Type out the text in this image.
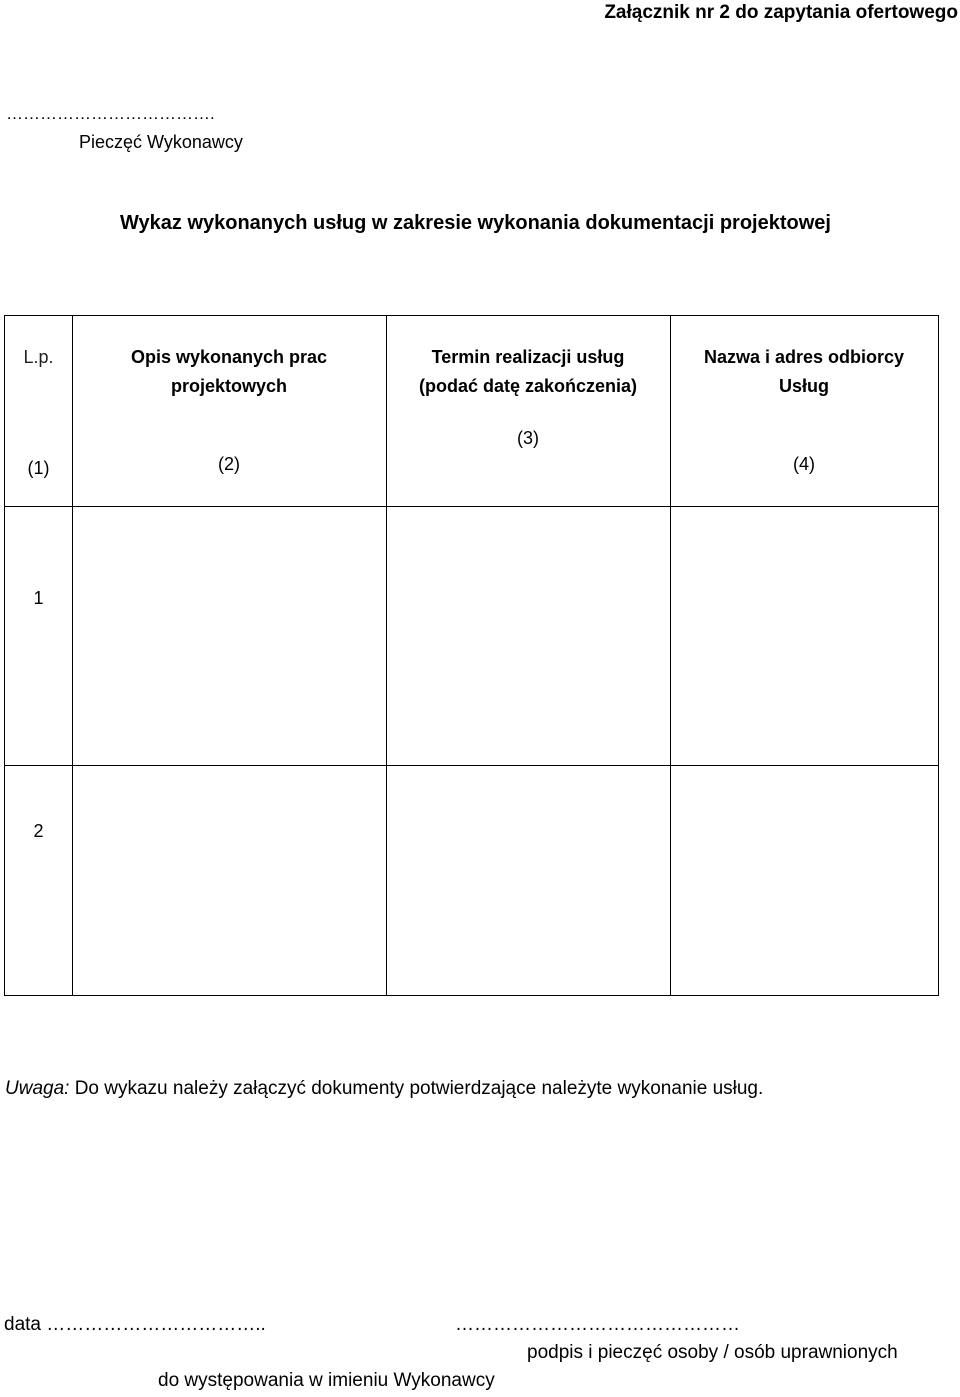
Załącznik nr 2 do zapytania ofertowego
……………………………….
Pieczęć Wykonawcy
Wykaz wykonanych usług w zakresie wykonania dokumentacji projektowej
L.p.
(1)
Opis wykonanych prac
projektowych
(2)
Termin realizacji usług
(podać datę zakończenia)
(3)
Nazwa i adres odbiorcy
Usług
(4)
1
2
Uwaga: Do wykazu należy załączyć dokumenty potwierdzające należyte wykonanie usług.
data ……………………………..	………………………………………
podpis i pieczęć osoby / osób uprawnionych
do występowania w imieniu Wykonawcy
